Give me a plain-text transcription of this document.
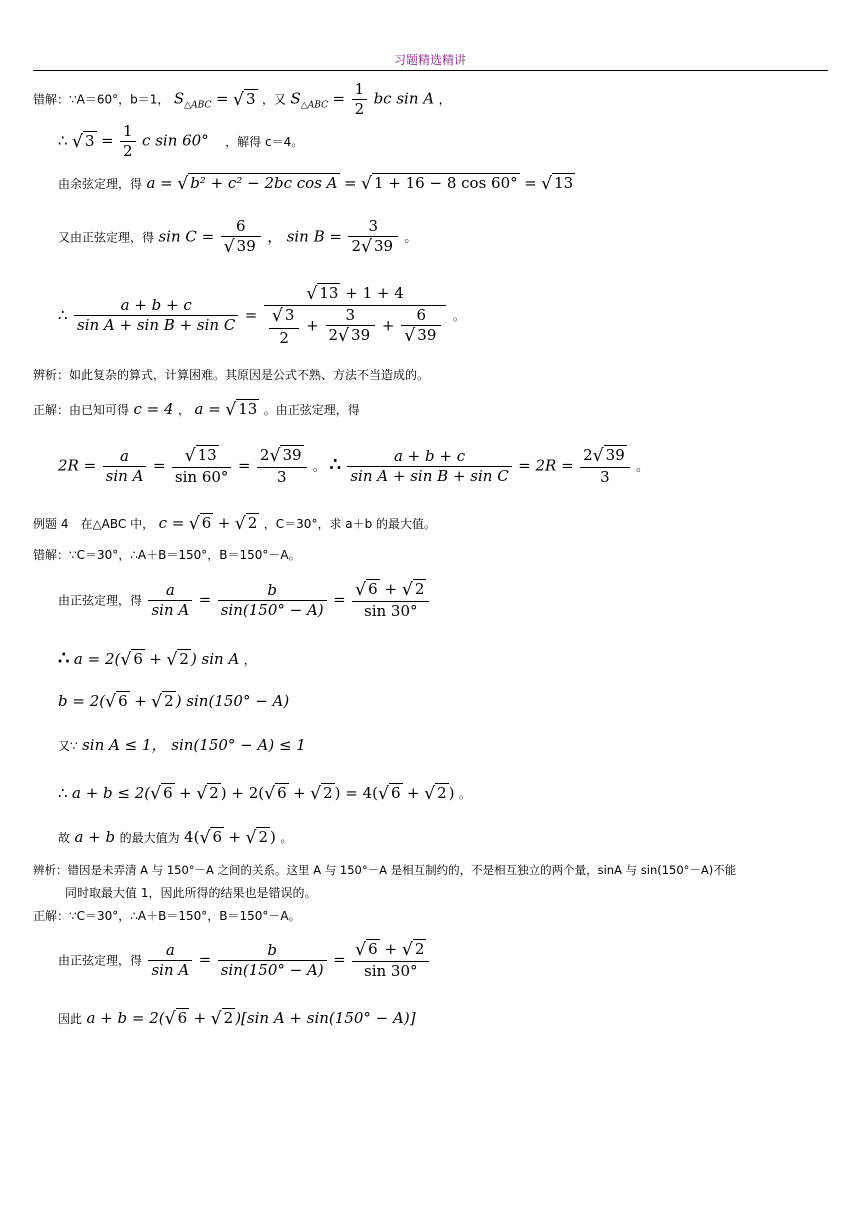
习题精选精讲
错解：∵A＝60°，b＝1， $S_{\triangle ABC}$ = √ 3 ，又 $S_{\triangle ABC} = \frac{1}{2}$ bc sin A ，
∴ √ $3 = \frac{1}{2}$ c sin 60° ，解得 c＝4。
由余弦定理，得 a = √ b² + c² − 2bc cos A = √ 1 + 16 − 8 cos 60° = √ 13
又由正弦定理，得 $\sin C = \frac{6}{√ 39}$ ， $\sin B = \frac{3}{2√ 39}$ 。
∴ $\frac{a + b + c}{\text{sin A + sin B + sin C}} = \frac{√ 13 + 1 + 4}{\frac{√ 3}{2} + \frac{3}{2√ 39} + \frac{6}{√ 39}}$ 。
辨析：如此复杂的算式，计算困难。其原因是公式不熟、方法不当造成的。
正解：由已知可得 c = 4 ， a = √ 13 。由正弦定理，得
$2R = \frac{a}{\text{sin A}} = \frac{√ 13}{\sin 60^\circ} = \frac{2√ 39}{3}$ 。 ∴ $\frac{a + b + c}{\text{sin A + sin B + sin C}} = 2R = \frac{2√ 39}{3}$ 。
例题 4　在△ABC 中， c = √ 6 + √ 2 ，C＝30°，求 a＋b 的最大值。
错解：∵C＝30°，∴A＋B＝150°，B＝150°－A。
由正弦定理，得 $\frac{a}{\text{sin A}} = \frac{b}{\sin(150^\circ - A)} = \frac{√ 6 + √ 2}{\sin 30^\circ}$
∴ a = 2(√ 6 + √ 2 ) sin A ，
b = 2(√ 6 + √ 2 ) sin(150° − A)
又∵ sin A ≤ 1， sin(150° − A) ≤ 1
∴ a + b ≤ 2(√ 6 + √ 2 ) + 2(√ 6 + √ 2 ) = 4(√ 6 + √ 2 ) 。
故 a + b 的最大值为 4(√ 6 + √ 2 ) 。
辨析：错因是未弄清 A 与 150°－A 之间的关系。这里 A 与 150°－A 是相互制约的，不是相互独立的两个量，sinA 与 sin(150°－A)不能
同时取最大值 1，因此所得的结果也是错误的。
正解：∵C＝30°，∴A＋B＝150°，B＝150°－A。
由正弦定理，得 $\frac{a}{\text{sin A}} = \frac{b}{\sin(150^\circ - A)} = \frac{√ 6 + √ 2}{\sin 30^\circ}$
因此 a + b = 2(√ 6 + √ 2 )[sin A + sin(150° − A)]
